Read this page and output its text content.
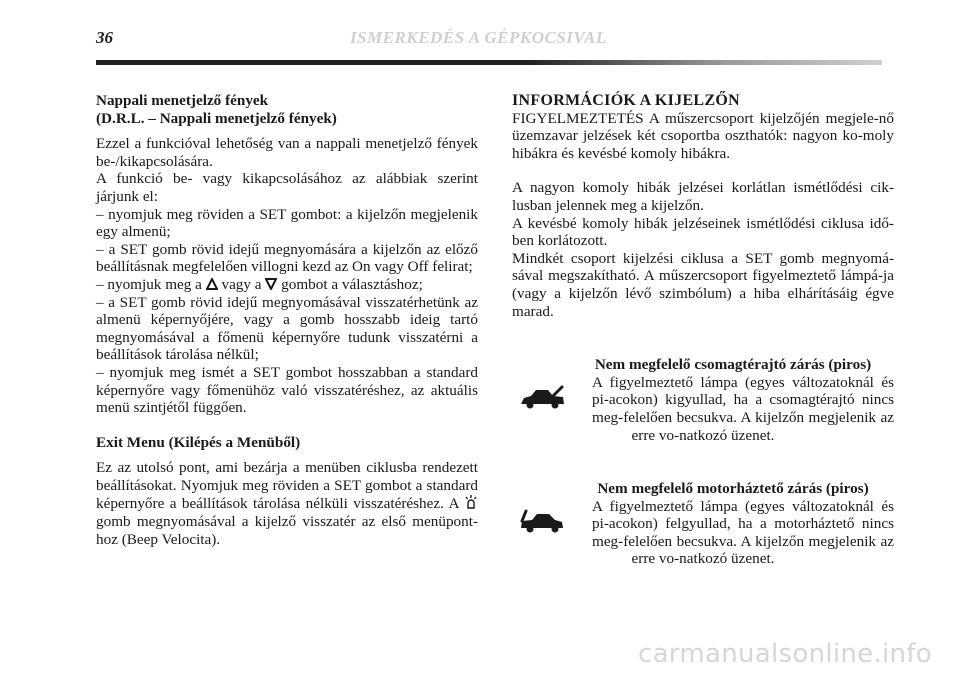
36	ISMERKEDÉS A GÉPKOCSIVAL

Nappali menetjelző fények

(D.R.L. – Nappali menetjelző fények)

Ezzel a funkcióval lehetőség van a nappali menetjelző fények be-/kikapcsolására.

A funkció be- vagy kikapcsolásához az alábbiak szerint járjunk el:

– nyomjuk meg röviden a SET gombot: a kijelzőn megjelenik egy almenü;

– a SET gomb rövid idejű megnyomására a kijelzőn az előző beállításnak megfelelően villogni kezd az On vagy Off felirat;

– nyomjuk meg a  vagy a  gombot a választáshoz;

– a SET gomb rövid idejű megnyomásával visszatérhetünk az almenü képernyőjére, vagy a gomb hosszabb ideig tartó megnyomásával a főmenü képernyőre tudunk visszatérni a beállítások tárolása nélkül;

– nyomjuk meg ismét a SET gombot hosszabban a standard képernyőre vagy főmenühöz való visszatéréshez, az aktuális menü szintjétől függően.

Exit Menu (Kilépés a Menüből)

Ez az utolsó pont, ami bezárja a menüben ciklusba rendezett beállításokat. Nyomjuk meg röviden a SET gombot a standard képernyőre a beállítások tárolása nélküli visszatéréshez. A  gomb megnyomásával a kijelző visszatér az első menüpont-hoz (Beep Velocita).

INFORMÁCIÓK A KIJELZŐN

FIGYELMEZTETÉS A műszercsoport kijelzőjén megjele-nő üzemzavar jelzések két csoportba oszthatók: nagyon ko-moly hibákra és kevésbé komoly hibákra.

A nagyon komoly hibák jelzései korlátlan ismétlődési cik-lusban jelennek meg a kijelzőn.

A kevésbé komoly hibák jelzéseinek ismétlődési ciklusa idő-ben korlátozott.

Mindkét csoport kijelzési ciklusa a SET gomb megnyomá-sával megszakítható. A műszercsoport figyelmeztető lámpá-ja (vagy a kijelzőn lévő szimbólum) a hiba elhárításáig égve marad.

Nem megfelelő csomagtérajtó zárás (piros)

A figyelmeztető lámpa (egyes változatoknál és pi-acokon) kigyullad, ha a csomagtérajtó nincs meg-felelően becsukva. A kijelzőn megjelenik az erre vo-natkozó üzenet.

Nem megfelelő motorháztető zárás (piros)

A figyelmeztető lámpa (egyes változatoknál és pi-acokon) felgyullad, ha a motorháztető nincs meg-felelően becsukva. A kijelzőn megjelenik az erre vo-natkozó üzenet.

carmanualsonline.info
